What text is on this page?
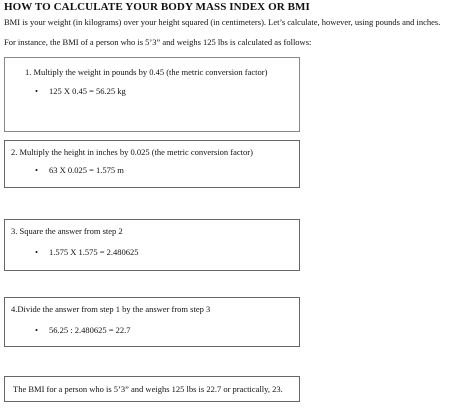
HOW TO CALCULATE YOUR BODY MASS INDEX OR BMI

BMI is your weight (in kilograms) over your height squared (in centimeters). Let’s calculate, however, using pounds and inches.

For instance, the BMI of a person who is 5’3” and weighs 125 lbs is calculated as follows:

1. Multiply the weight in pounds by 0.45 (the metric conversion factor)
• 125 X 0.45 = 56.25 kg
2. Multiply the height in inches by 0.025 (the metric conversion factor)
• 63 X 0.025 = 1.575 m
3. Square the answer from step 2
• 1.575 X 1.575 = 2.480625
4.Divide the answer from step 1 by the answer from step 3
• 56.25 : 2.480625 = 22.7
The BMI for a person who is 5’3” and weighs 125 lbs is 22.7 or practically, 23.
